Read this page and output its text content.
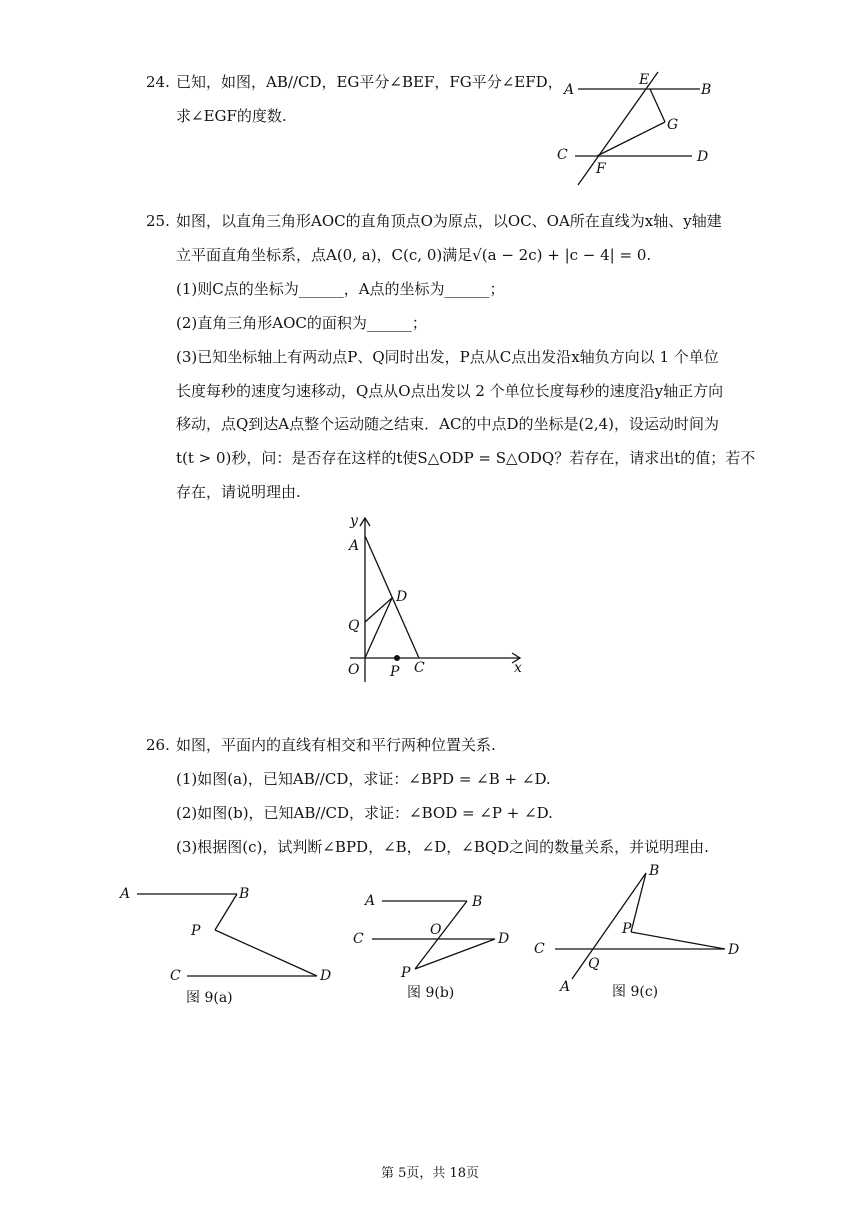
24. 已知，如图，AB//CD，EG平分∠BEF，FG平分∠EFD，
求∠EGF的度数.
A	B
E
G
C	D
F
25. 如图，以直角三角形AOC的直角顶点O为原点，以OC、OA所在直线为x轴、y轴建
立平面直角坐标系，点A(0, a)，C(c, 0)满足√(a − 2c) + |c − 4| = 0.
(1)则C点的坐标为______，A点的坐标为______；
(2)直角三角形AOC的面积为______；
(3)已知坐标轴上有两动点P、Q同时出发，P点从C点出发沿x轴负方向以 1 个单位
长度每秒的速度匀速移动，Q点从O点出发以 2 个单位长度每秒的速度沿y轴正方向
移动，点Q到达A点整个运动随之结束．AC的中点D的坐标是(2,4)，设运动时间为
t(t > 0)秒，问：是否存在这样的t使S△ODP = S△ODQ？若存在，请求出t的值；若不
存在，请说明理由.
y
x
A
D
Q
O P C
26. 如图，平面内的直线有相交和平行两种位置关系.
(1)如图(a)，已知AB//CD，求证：∠BPD = ∠B + ∠D.
(2)如图(b)，已知AB//CD，求证：∠BOD = ∠P + ∠D.
(3)根据图(c)，试判断∠BPD，∠B，∠D，∠BQD之间的数量关系，并说明理由.
A	B
P
C	D
图 9(a)
A	B
O
C	D
P
图 9(b)
B
P
C
Q
D
A	图 9(c)
第 5页，共 18页
